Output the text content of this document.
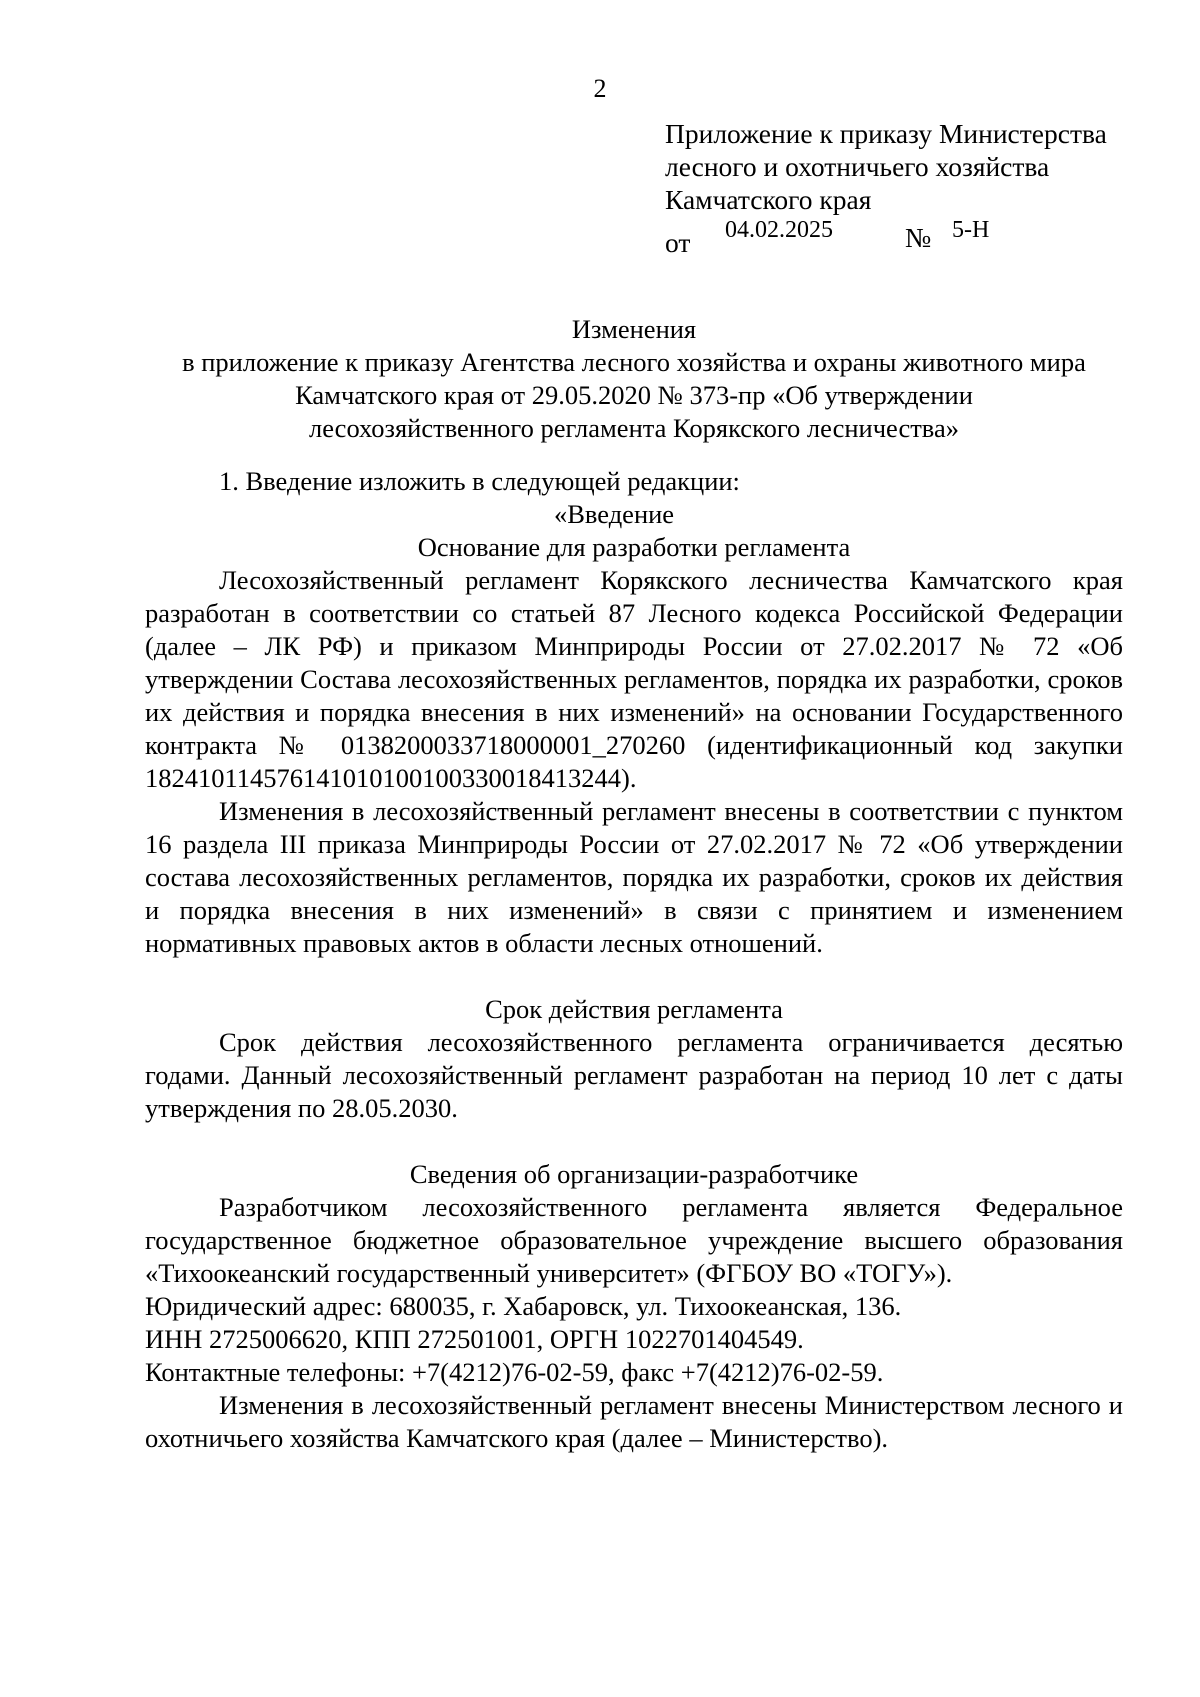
2
Приложение к приказу Министерства
лесного и охотничьего хозяйства
Камчатского края
от 04.02.2025	№ 5-Н

Изменения

в приложение к приказу Агентства лесного хозяйства и охраны животного мира

Камчатского края от 29.05.2020 № 373-пр «Об утверждении

лесохозяйственного регламента Корякского лесничества»

1. Введение изложить в следующей редакции:

«Введение

Основание для разработки регламента

Лесохозяйственный регламент Корякского лесничества Камчатского края разработан в соответствии со статьей 87 Лесного кодекса Российской Федерации (далее – ЛК РФ) и приказом Минприроды России от 27.02.2017 № 72 «Об утверждении Состава лесохозяйственных регламентов, порядка их разработки, сроков их действия и порядка внесения в них изменений» на основании Государственного контракта № 0138200033718000001_270260 (идентификационный код закупки 182410114576141010100100330018413244).

Изменения в лесохозяйственный регламент внесены в соответствии с пунктом 16 раздела III приказа Минприроды России от 27.02.2017 № 72 «Об утверждении состава лесохозяйственных регламентов, порядка их разработки, сроков их действия и порядка внесения в них изменений» в связи с принятием и изменением нормативных правовых актов в области лесных отношений.

Срок действия регламента

Срок действия лесохозяйственного регламента ограничивается десятью годами. Данный лесохозяйственный регламент разработан на период 10 лет с даты утверждения по 28.05.2030.

Сведения об организации-разработчике

Разработчиком лесохозяйственного регламента является Федеральное государственное бюджетное образовательное учреждение высшего образования «Тихоокеанский государственный университет» (ФГБОУ ВО «ТОГУ»).

Юридический адрес: 680035, г. Хабаровск, ул. Тихоокеанская, 136.

ИНН 2725006620, КПП 272501001, ОРГН 1022701404549.

Контактные телефоны: +7(4212)76-02-59, факс +7(4212)76-02-59.

Изменения в лесохозяйственный регламент внесены Министерством лесного и охотничьего хозяйства Камчатского края (далее – Министерство).
